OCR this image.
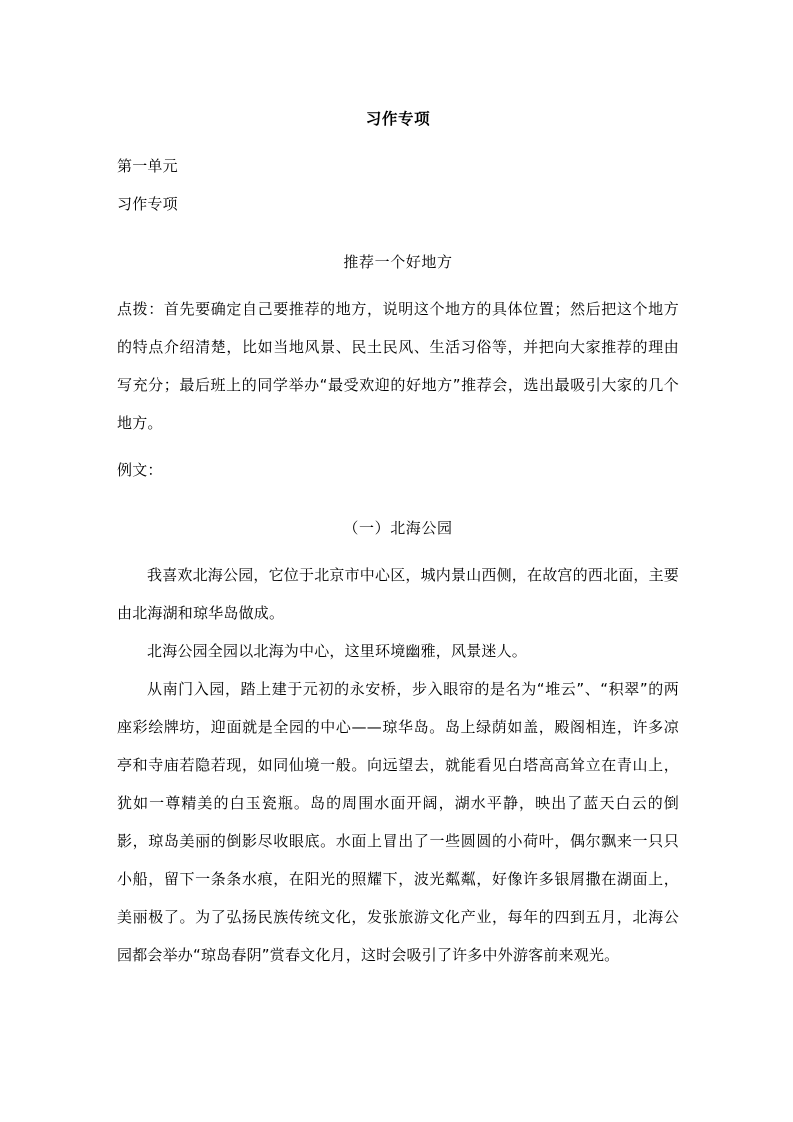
习作专项

第一单元

习作专项

推荐一个好地方

点拨：首先要确定自己要推荐的地方，说明这个地方的具体位置；然后把这个地方的特点介绍清楚，比如当地风景、民土民风、生活习俗等，并把向大家推荐的理由写充分；最后班上的同学举办“最受欢迎的好地方”推荐会，选出最吸引大家的几个地方。

例文：

（一）北海公园

我喜欢北海公园，它位于北京市中心区，城内景山西侧，在故宫的西北面，主要由北海湖和琼华岛做成。

北海公园全园以北海为中心，这里环境幽雅，风景迷人。

从南门入园，踏上建于元初的永安桥，步入眼帘的是名为“堆云”、“积翠”的两座彩绘牌坊，迎面就是全园的中心——琼华岛。岛上绿荫如盖，殿阁相连，许多凉亭和寺庙若隐若现，如同仙境一般。向远望去，就能看见白塔高高耸立在青山上，犹如一尊精美的白玉瓷瓶。岛的周围水面开阔，湖水平静，映出了蓝天白云的倒影，琼岛美丽的倒影尽收眼底。水面上冒出了一些圆圆的小荷叶，偶尔飘来一只只小船，留下一条条水痕，在阳光的照耀下，波光粼粼，好像许多银屑撒在湖面上，美丽极了。为了弘扬民族传统文化，发张旅游文化产业，每年的四到五月，北海公园都会举办“琼岛春阴”赏春文化月，这时会吸引了许多中外游客前来观光。
